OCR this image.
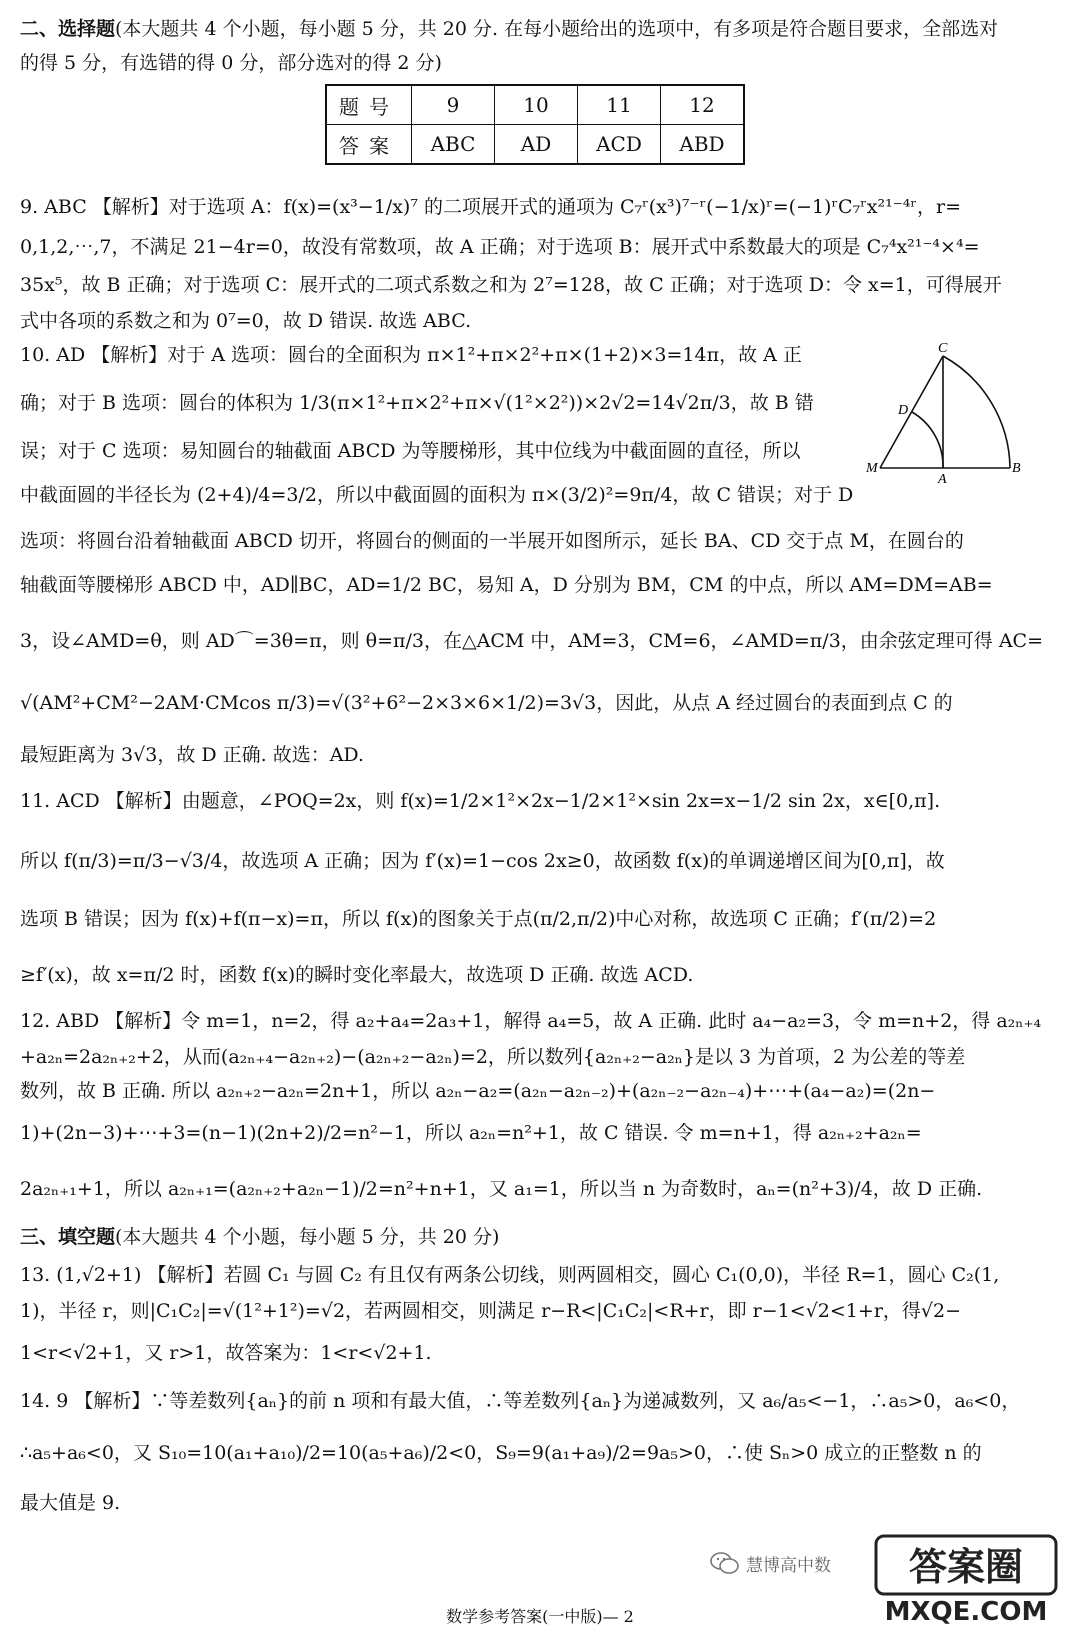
二、选择题(本大题共 4 个小题，每小题 5 分，共 20 分. 在每小题给出的选项中，有多项是符合题目要求，全部选对
的得 5 分，有选错的得 0 分，部分选对的得 2 分)
题号	9	10	11	12
答案	ABC	AD	ACD	ABD
9. ABC 【解析】对于选项 A：f(x)=(x³−1/x)⁷ 的二项展开式的通项为 C₇ʳ(x³)⁷⁻ʳ(−1/x)ʳ=(−1)ʳC₇ʳx²¹⁻⁴ʳ，r=
0,1,2,⋯,7，不满足 21−4r=0，故没有常数项，故 A 正确；对于选项 B：展开式中系数最大的项是 C₇⁴x²¹⁻⁴×⁴=
35x⁵，故 B 正确；对于选项 C：展开式的二项式系数之和为 2⁷=128，故 C 正确；对于选项 D：令 x=1，可得展开
式中各项的系数之和为 0⁷=0，故 D 错误. 故选 ABC.
10. AD 【解析】对于 A 选项：圆台的全面积为 π×1²+π×2²+π×(1+2)×3=14π，故 A 正
确；对于 B 选项：圆台的体积为 1/3(π×1²+π×2²+π×√(1²×2²))×2√2=14√2π/3，故 B 错
误；对于 C 选项：易知圆台的轴截面 ABCD 为等腰梯形，其中位线为中截面圆的直径，所以
中截面圆的半径长为 (2+4)/4=3/2，所以中截面圆的面积为 π×(3/2)²=9π/4，故 C 错误；对于 D
选项：将圆台沿着轴截面 ABCD 切开，将圆台的侧面的一半展开如图所示，延长 BA、CD 交于点 M，在圆台的
轴截面等腰梯形 ABCD 中，AD∥BC，AD=1/2 BC，易知 A，D 分别为 BM，CM 的中点，所以 AM=DM=AB=
3，设∠AMD=θ，则 AD⌒=3θ=π，则 θ=π/3，在△ACM 中，AM=3，CM=6，∠AMD=π/3，由余弦定理可得 AC=
√(AM²+CM²−2AM·CMcos π/3)=√(3²+6²−2×3×6×1/2)=3√3，因此，从点 A 经过圆台的表面到点 C 的
最短距离为 3√3，故 D 正确. 故选：AD.
11. ACD 【解析】由题意，∠POQ=2x，则 f(x)=1/2×1²×2x−1/2×1²×sin 2x=x−1/2 sin 2x，x∈[0,π].
所以 f(π/3)=π/3−√3/4，故选项 A 正确；因为 f′(x)=1−cos 2x≥0，故函数 f(x)的单调递增区间为[0,π]，故
选项 B 错误；因为 f(x)+f(π−x)=π，所以 f(x)的图象关于点(π/2,π/2)中心对称，故选项 C 正确；f′(π/2)=2
≥f′(x)，故 x=π/2 时，函数 f(x)的瞬时变化率最大，故选项 D 正确. 故选 ACD.
12. ABD 【解析】令 m=1，n=2，得 a₂+a₄=2a₃+1，解得 a₄=5，故 A 正确. 此时 a₄−a₂=3，令 m=n+2，得 a₂ₙ₊₄
+a₂ₙ=2a₂ₙ₊₂+2，从而(a₂ₙ₊₄−a₂ₙ₊₂)−(a₂ₙ₊₂−a₂ₙ)=2，所以数列{a₂ₙ₊₂−a₂ₙ}是以 3 为首项，2 为公差的等差
数列，故 B 正确. 所以 a₂ₙ₊₂−a₂ₙ=2n+1，所以 a₂ₙ−a₂=(a₂ₙ−a₂ₙ₋₂)+(a₂ₙ₋₂−a₂ₙ₋₄)+⋯+(a₄−a₂)=(2n−
1)+(2n−3)+⋯+3=(n−1)(2n+2)/2=n²−1，所以 a₂ₙ=n²+1，故 C 错误. 令 m=n+1，得 a₂ₙ₊₂+a₂ₙ=
2a₂ₙ₊₁+1，所以 a₂ₙ₊₁=(a₂ₙ₊₂+a₂ₙ−1)/2=n²+n+1，又 a₁=1，所以当 n 为奇数时，aₙ=(n²+3)/4，故 D 正确.
三、填空题(本大题共 4 个小题，每小题 5 分，共 20 分)
13. (1,√2+1) 【解析】若圆 C₁ 与圆 C₂ 有且仅有两条公切线，则两圆相交，圆心 C₁(0,0)，半径 R=1，圆心 C₂(1,
1)，半径 r，则|C₁C₂|=√(1²+1²)=√2，若两圆相交，则满足 r−R<|C₁C₂|<R+r，即 r−1<√2<1+r，得√2−
1<r<√2+1，又 r>1，故答案为：1<r<√2+1.
14. 9 【解析】∵等差数列{aₙ}的前 n 项和有最大值，∴等差数列{aₙ}为递减数列，又 a₆/a₅<−1，∴a₅>0，a₆<0，
∴a₅+a₆<0，又 S₁₀=10(a₁+a₁₀)/2=10(a₅+a₆)/2<0，S₉=9(a₁+a₉)/2=9a₅>0，∴使 Sₙ>0 成立的正整数 n 的
最大值是 9.
C
D
M
A
B
慧博高中数 答案圈
MXQE.COM
数学参考答案(一中版)— 2
